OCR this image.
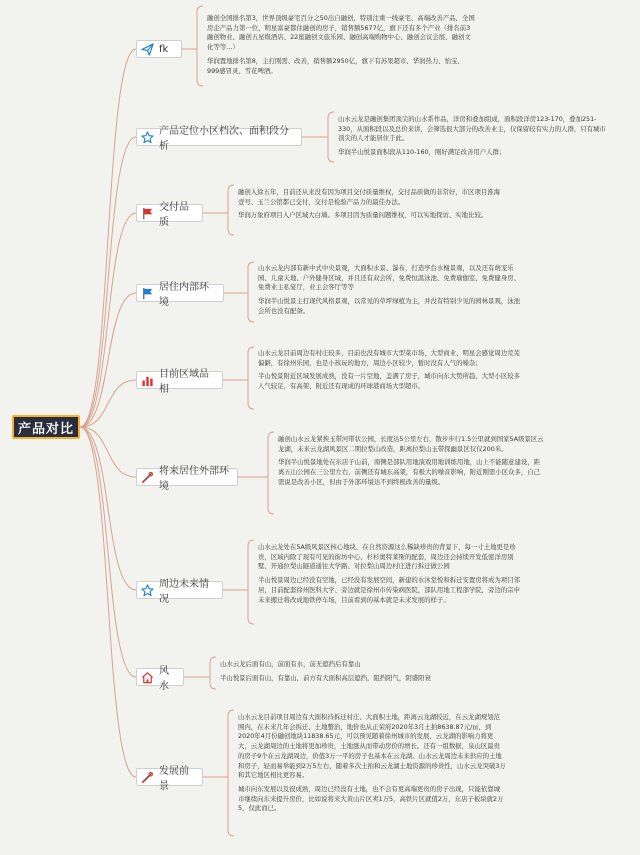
产品对比
fk

融创全国排名第3，世界顶级豪宅百分之50出自融创，特别注重一线豪宅、高端改善产品，全国房企产品力第一位，明星富豪都住融创的房子，销售额5677亿，旗下还有多个产业（排名前3融创物业、融创五星级酒店、22座融创文旅乐园、融创高端购物中心、融创会议会展、融创文化等等…）

华润置地排名第8，主打刚需、改善，销售额2950亿，旗下有苏果超市、华润热力、怡宝、999感冒灵、雪花啤酒。

产品定位小区档次、面积段分析

山水云龙是融创集团顶尖的山水系作品，洋房和叠加组成，面积段洋房123-170，叠加251-330，从面积段以及总价来讲，会筛选很大部分的改善业主，仅保留较有实力的人群，只有城市顶尖的人才能居住于此。

华润半山悦景面积段从110-160，刚好满足改善用户人群；

交付品质

融创入徐五年，目前还从来没有因为项目交付质量维权，交付品质做的非常好，市区项目淮海壹号、玉兰公馆都已交付，交付是检验产品力的最佳办法。

华润万象府项目入户区域大白墙。多项目因为质量问题维权，可以实地探访、实地比较。

居住内部环境

山水云龙内部有新中式中央景观，大面积水景、瀑布，打造亭台水榭景观，以及还有萌宠乐园、儿童天地、户外健身区域，并且还有双会所，免费恒温泳池、免费瑜伽室、免费健身房、免费业主私宴厅，业主会客厅等等

华润半山悦景主打现代风格景观，以常见的草坪绿植为主，并没有特别少见的园林景观，泳池会所也没有配备。

目前区域品相

山水云龙目前周边有村庄较多，目前也没有城市大型菜市场、大型商业、明星会感觉周边荒芜偏僻，有徐州乐园，也是小孩玩的地方，周边小区较少，暂时没有人气的嗓杂；

半山悦景附近区域发展成熟，没有一片空地，盖满了房子，城市向东大势所趋，大型小区较多人气较足，有高架、附近还有现成的环球港商场大型超市。

将来居住外部环境

融创山水云龙紧挨玉带河带状公园，长度达5公里左右，散步步行1.5公里就到国家5A级景区云龙湖，未来云龙湖风景区二期拉梨山改造，距离拉梨山玉带探幽景区仅仅200米。

华润半山悦景地处在东店子山前，南侧是部队用地演戏用地训练用地，山上不能随意建设，距离五山公园在三公里左右，前侧还有城东高架，有极大的噪音影响，附近刚需小区众多，自己需说是改善小区，但由于外部环境达不到终极改善的量级。

周边未来情况

山水云龙处在5A级风景区核心地块，在自然资源这么稀缺珍贵的背景下，每一寸土地更是珍贵，区域内除了现有可见的街坊中心、杉杉奥特莱斯的配套，周边还会持续开发低密洋房别墅、开通拉梨山隧道通往大学路、对拉梨山周边村庄进行拆迁做公园

半山悦景周边已经没有空地，已经没有发展空间，新建的水沐堂悦和拆迁安置房将成为项目邻居，目前配套徐州医科大学、旁边就是徐州市传染病医院，部队用地工程部学院，旁边的宗申未来搬迁将改成地铁停车场，目前看到的基本就是未来发展的样子。

风水

山水云龙后面有山，前面有水，前无遮挡后有靠山

半山悦景后面有山，有靠山，前方有大面积高层遮挡，阻挡阳气，阴盛阳衰

发展前景

山水云龙目前项目周边有大面积待拆迁村庄、大面积土地，距离云龙湖较近，在云龙湖规划范围内，在未来几年会拆迁、土地整治，地价也从正荣府2020年3月土拍8638.87元/㎡，到2020年4月份融创地块11838.65元，可以预见随着徐州城市的发展，云龙湖的影响力将更大，云龙湖周边的土地将更加珍贵，土地涨从而带动房价的增长。还有一组数据，泉山区最贵的房子9个在云龙湖周边，价值3万一平的房子也基本在云龙湖。山水云龙周边未来供应的土地和房子，轻而易举能到2万5左右，随着多次土拍和云龙湖土地资源的珍贵性，山水云龙突破3万和其它地区相比更容易。

城市向东发展以及很成熟，周边已经没有土地，也不会有更高端更贵的房子出现，只能依靠城市继续向东来提升房价，比如说将来大黄山片区卖1万5，高铁片区就值2万，东店子板块就2万5，仅此而已。
